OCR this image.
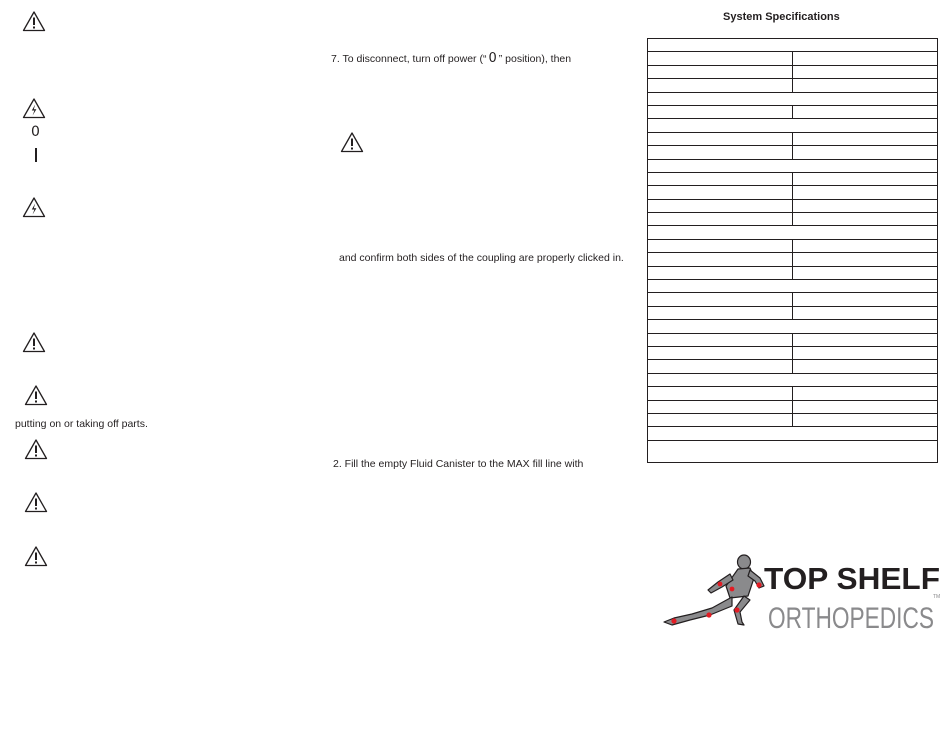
0
putting on or taking off parts.
7. To disconnect, turn off power (“ 0 ” position), then
and confirm both sides of the coupling are properly clicked in.
2. Fill the empty Fluid Canister to the MAX fill line with
System Specifications

TOP SHELF
ORTHOPEDICS
TM
